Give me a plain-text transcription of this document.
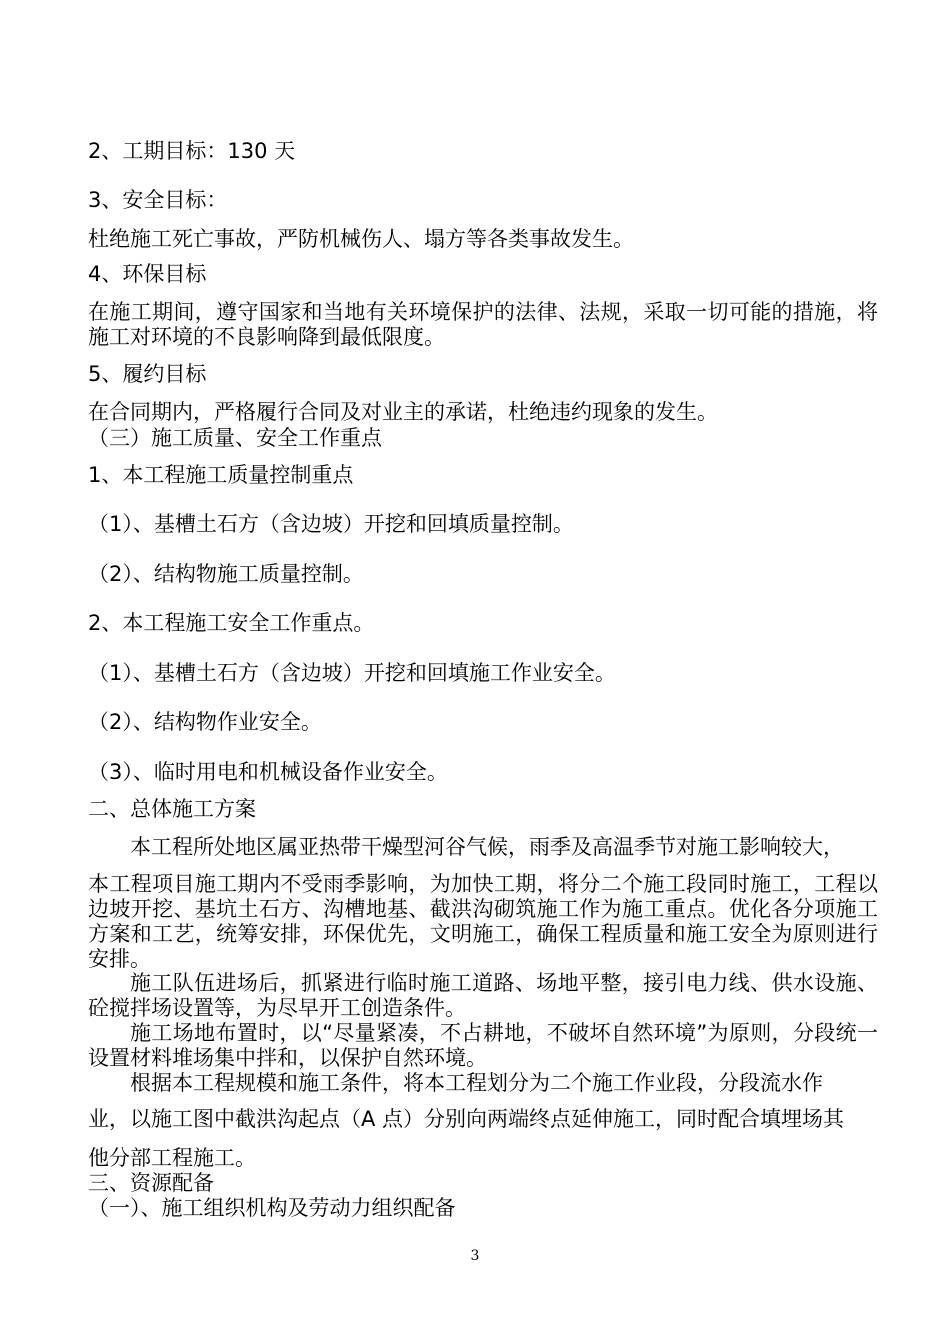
2、工期目标：130 天
3、安全目标：
杜绝施工死亡事故，严防机械伤人、塌方等各类事故发生。
4、环保目标
在施工期间，遵守国家和当地有关环境保护的法律、法规，采取一切可能的措施，将施工对环境的不良影响降到最低限度。
5、履约目标
在合同期内，严格履行合同及对业主的承诺，杜绝违约现象的发生。
（三）施工质量、安全工作重点
1、本工程施工质量控制重点
（1）、基槽土石方（含边坡）开挖和回填质量控制。
（2）、结构物施工质量控制。
2、本工程施工安全工作重点。
（1）、基槽土石方（含边坡）开挖和回填施工作业安全。
（2）、结构物作业安全。
（3）、临时用电和机械设备作业安全。
二、总体施工方案
本工程所处地区属亚热带干燥型河谷气候，雨季及高温季节对施工影响较大，
本工程项目施工期内不受雨季影响，为加快工期，将分二个施工段同时施工，工程以边坡开挖、基坑土石方、沟槽地基、截洪沟砌筑施工作为施工重点。优化各分项施工方案和工艺，统筹安排，环保优先，文明施工，确保工程质量和施工安全为原则进行安排。
施工队伍进场后，抓紧进行临时施工道路、场地平整，接引电力线、供水设施、砼搅拌场设置等，为尽早开工创造条件。
施工场地布置时，以“尽量紧凑，不占耕地，不破坏自然环境”为原则，分段统一设置材料堆场集中拌和，以保护自然环境。
根据本工程规模和施工条件，将本工程划分为二个施工作业段，分段流水作
业，以施工图中截洪沟起点（A 点）分别向两端终点延伸施工，同时配合填埋场其
他分部工程施工。
三、资源配备
（一）、施工组织机构及劳动力组织配备
3
